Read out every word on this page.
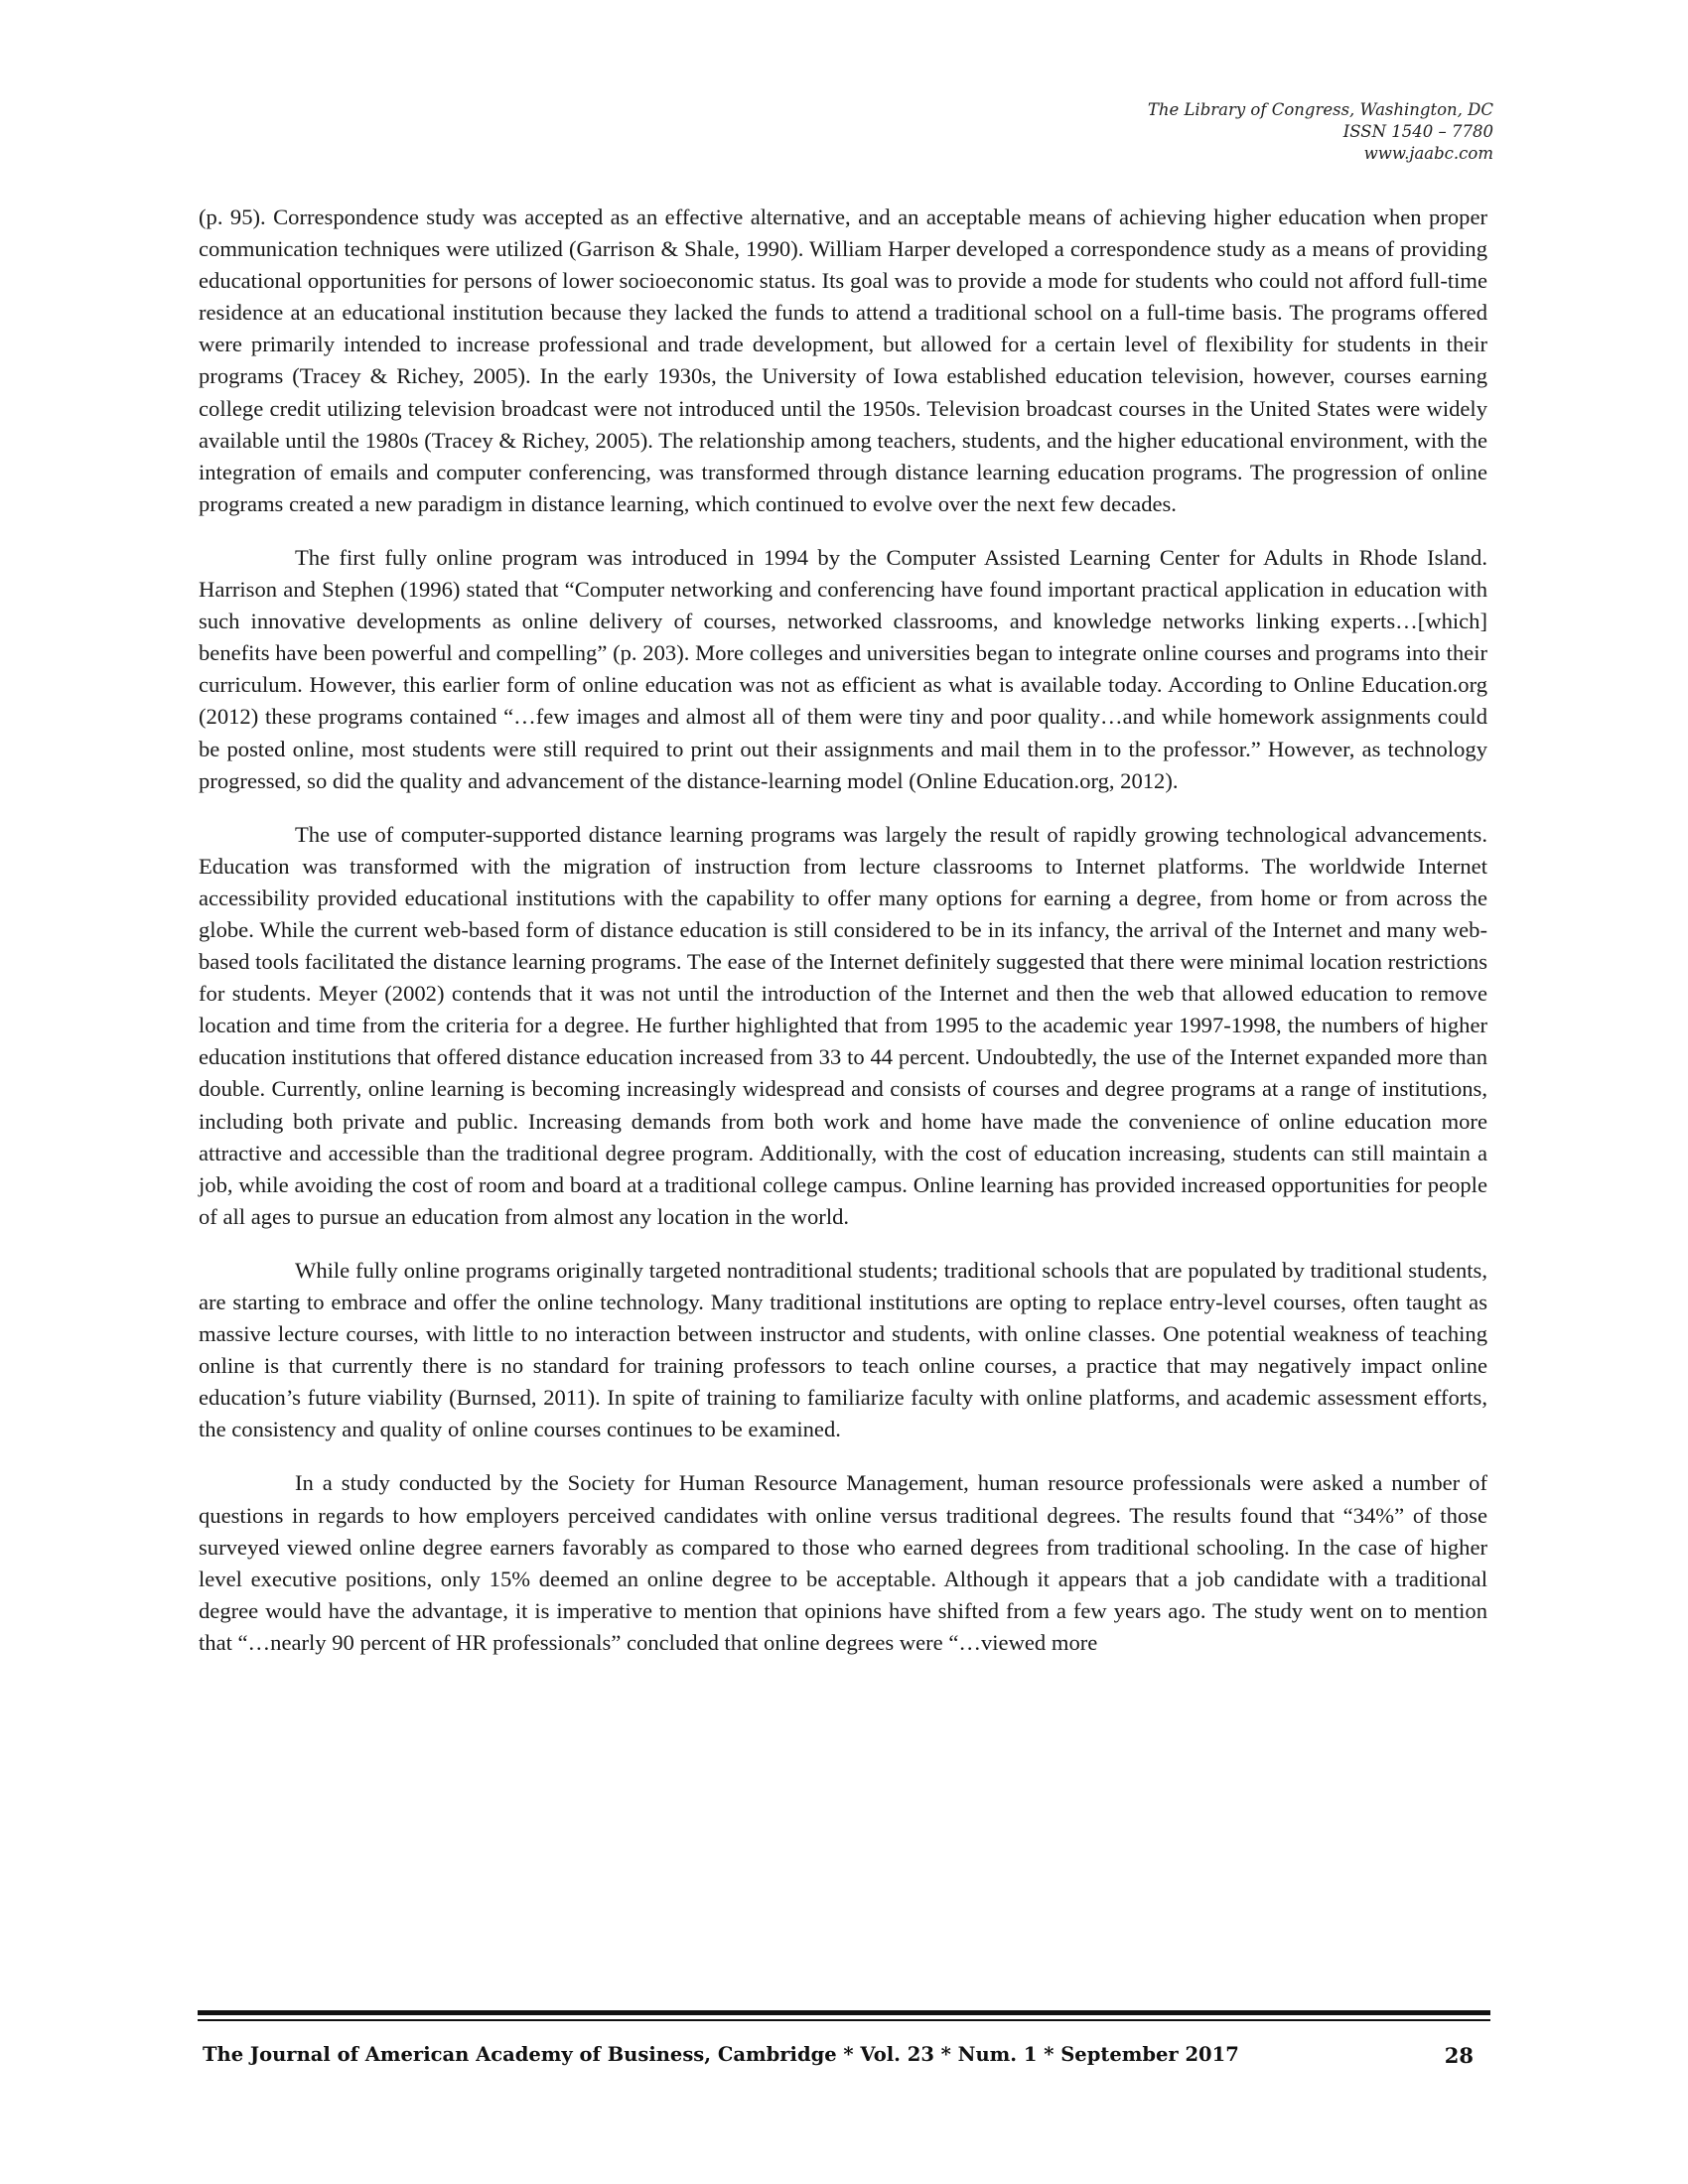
The Library of Congress, Washington, DC
ISSN 1540 – 7780
www.jaabc.com

(p. 95). Correspondence study was accepted as an effective alternative, and an acceptable means of achieving higher education when proper communication techniques were utilized (Garrison & Shale, 1990). William Harper developed a correspondence study as a means of providing educational opportunities for persons of lower socioeconomic status. Its goal was to provide a mode for students who could not afford full-time residence at an educational institution because they lacked the funds to attend a traditional school on a full-time basis. The programs offered were primarily intended to increase professional and trade development, but allowed for a certain level of flexibility for students in their programs (Tracey & Richey, 2005). In the early 1930s, the University of Iowa established education television, however, courses earning college credit utilizing television broadcast were not introduced until the 1950s. Television broadcast courses in the United States were widely available until the 1980s (Tracey & Richey, 2005). The relationship among teachers, students, and the higher educational environment, with the integration of emails and computer conferencing, was transformed through distance learning education programs. The progression of online programs created a new paradigm in distance learning, which continued to evolve over the next few decades.

The first fully online program was introduced in 1994 by the Computer Assisted Learning Center for Adults in Rhode Island. Harrison and Stephen (1996) stated that “Computer networking and conferencing have found important practical application in education with such innovative developments as online delivery of courses, networked classrooms, and knowledge networks linking experts…[which] benefits have been powerful and compelling” (p. 203). More colleges and universities began to integrate online courses and programs into their curriculum. However, this earlier form of online education was not as efficient as what is available today. According to Online Education.org (2012) these programs contained “…few images and almost all of them were tiny and poor quality…and while homework assignments could be posted online, most students were still required to print out their assignments and mail them in to the professor.” However, as technology progressed, so did the quality and advancement of the distance-learning model (Online Education.org, 2012).

The use of computer-supported distance learning programs was largely the result of rapidly growing technological advancements. Education was transformed with the migration of instruction from lecture classrooms to Internet platforms. The worldwide Internet accessibility provided educational institutions with the capability to offer many options for earning a degree, from home or from across the globe. While the current web-based form of distance education is still considered to be in its infancy, the arrival of the Internet and many web-based tools facilitated the distance learning programs. The ease of the Internet definitely suggested that there were minimal location restrictions for students. Meyer (2002) contends that it was not until the introduction of the Internet and then the web that allowed education to remove location and time from the criteria for a degree. He further highlighted that from 1995 to the academic year 1997-1998, the numbers of higher education institutions that offered distance education increased from 33 to 44 percent. Undoubtedly, the use of the Internet expanded more than double. Currently, online learning is becoming increasingly widespread and consists of courses and degree programs at a range of institutions, including both private and public. Increasing demands from both work and home have made the convenience of online education more attractive and accessible than the traditional degree program. Additionally, with the cost of education increasing, students can still maintain a job, while avoiding the cost of room and board at a traditional college campus. Online learning has provided increased opportunities for people of all ages to pursue an education from almost any location in the world.

While fully online programs originally targeted nontraditional students; traditional schools that are populated by traditional students, are starting to embrace and offer the online technology. Many traditional institutions are opting to replace entry-level courses, often taught as massive lecture courses, with little to no interaction between instructor and students, with online classes. One potential weakness of teaching online is that currently there is no standard for training professors to teach online courses, a practice that may negatively impact online education’s future viability (Burnsed, 2011). In spite of training to familiarize faculty with online platforms, and academic assessment efforts, the consistency and quality of online courses continues to be examined.

In a study conducted by the Society for Human Resource Management, human resource professionals were asked a number of questions in regards to how employers perceived candidates with online versus traditional degrees. The results found that “34%” of those surveyed viewed online degree earners favorably as compared to those who earned degrees from traditional schooling. In the case of higher level executive positions, only 15% deemed an online degree to be acceptable. Although it appears that a job candidate with a traditional degree would have the advantage, it is imperative to mention that opinions have shifted from a few years ago. The study went on to mention that “…nearly 90 percent of HR professionals” concluded that online degrees were “…viewed more

The Journal of American Academy of Business, Cambridge * Vol. 23 * Num. 1 * September 2017	28
